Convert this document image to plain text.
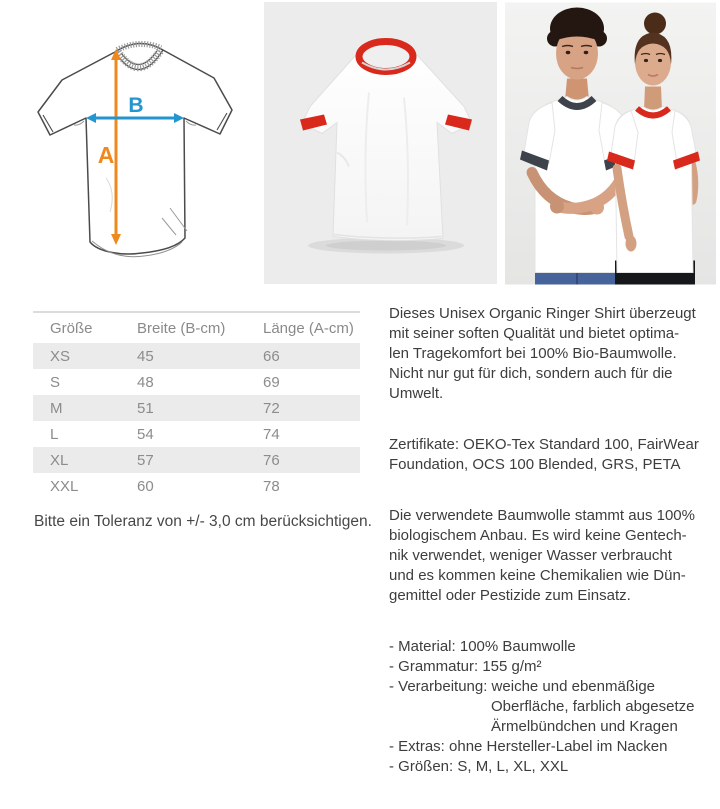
A
B
Größe	Breite (B-cm)	Länge (A-cm)
XS	45	66
S	48	69
M	51	72
L	54	74
XL	57	76
XXL	60	78

Bitte ein Toleranz von +/- 3,0 cm berücksichtigen.

Dieses Unisex Organic Ringer Shirt überzeugt
mit seiner soften Qualität und bietet optima-
len Tragekomfort bei 100% Bio-Baumwolle.
Nicht nur gut für dich, sondern auch für die
Umwelt.

Zertifikate: OEKO-Tex Standard 100, FairWear
Foundation, OCS 100 Blended, GRS, PETA

Die verwendete Baumwolle stammt aus 100%
biologischem Anbau. Es wird keine Gentech-
nik verwendet, weniger Wasser verbraucht
und es kommen keine Chemikalien wie Dün-
gemittel oder Pestizide zum Einsatz.

- Material: 100% Baumwolle
- Grammatur: 155 g/m²
- Verarbeitung: weiche und ebenmäßige
Oberfläche, farblich abgesetze
Ärmelbündchen und Kragen
- Extras: ohne Hersteller-Label im Nacken
- Größen: S, M, L, XL, XXL
